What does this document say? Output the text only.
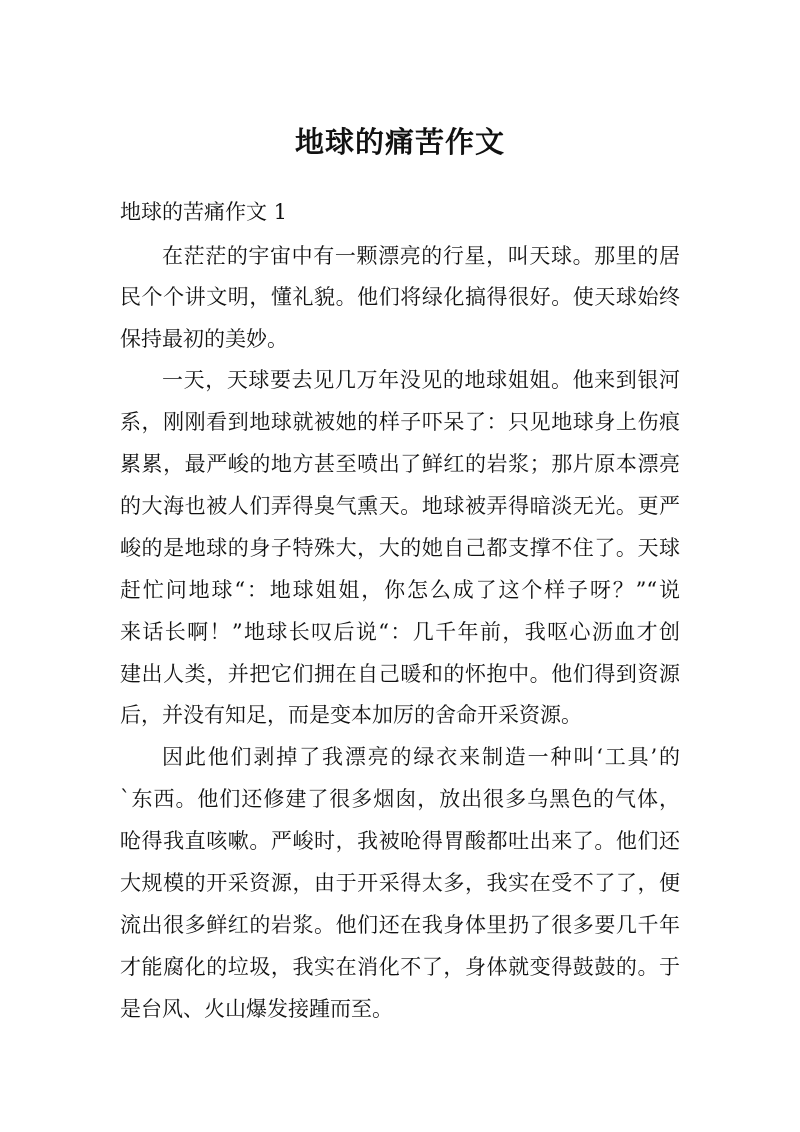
地球的痛苦作文

地球的苦痛作文 1

在茫茫的宇宙中有一颗漂亮的行星，叫天球。那里的居

民个个讲文明，懂礼貌。他们将绿化搞得很好。使天球始终

保持最初的美妙。

一天，天球要去见几万年没见的地球姐姐。他来到银河

系，刚刚看到地球就被她的样子吓呆了：只见地球身上伤痕

累累，最严峻的地方甚至喷出了鲜红的岩浆；那片原本漂亮

的大海也被人们弄得臭气熏天。地球被弄得暗淡无光。更严

峻的是地球的身子特殊大，大的她自己都支撑不住了。天球

赶忙问地球“：地球姐姐，你怎么成了这个样子呀？”“说

来话长啊！”地球长叹后说“：几千年前，我呕心沥血才创

建出人类，并把它们拥在自己暖和的怀抱中。他们得到资源

后，并没有知足，而是变本加厉的舍命开采资源。

因此他们剥掉了我漂亮的绿衣来制造一种叫‘工具’的

`东西。他们还修建了很多烟囱，放出很多乌黑色的气体，

呛得我直咳嗽。严峻时，我被呛得胃酸都吐出来了。他们还

大规模的开采资源，由于开采得太多，我实在受不了了，便

流出很多鲜红的岩浆。他们还在我身体里扔了很多要几千年

才能腐化的垃圾，我实在消化不了，身体就变得鼓鼓的。于

是台风、火山爆发接踵而至。
